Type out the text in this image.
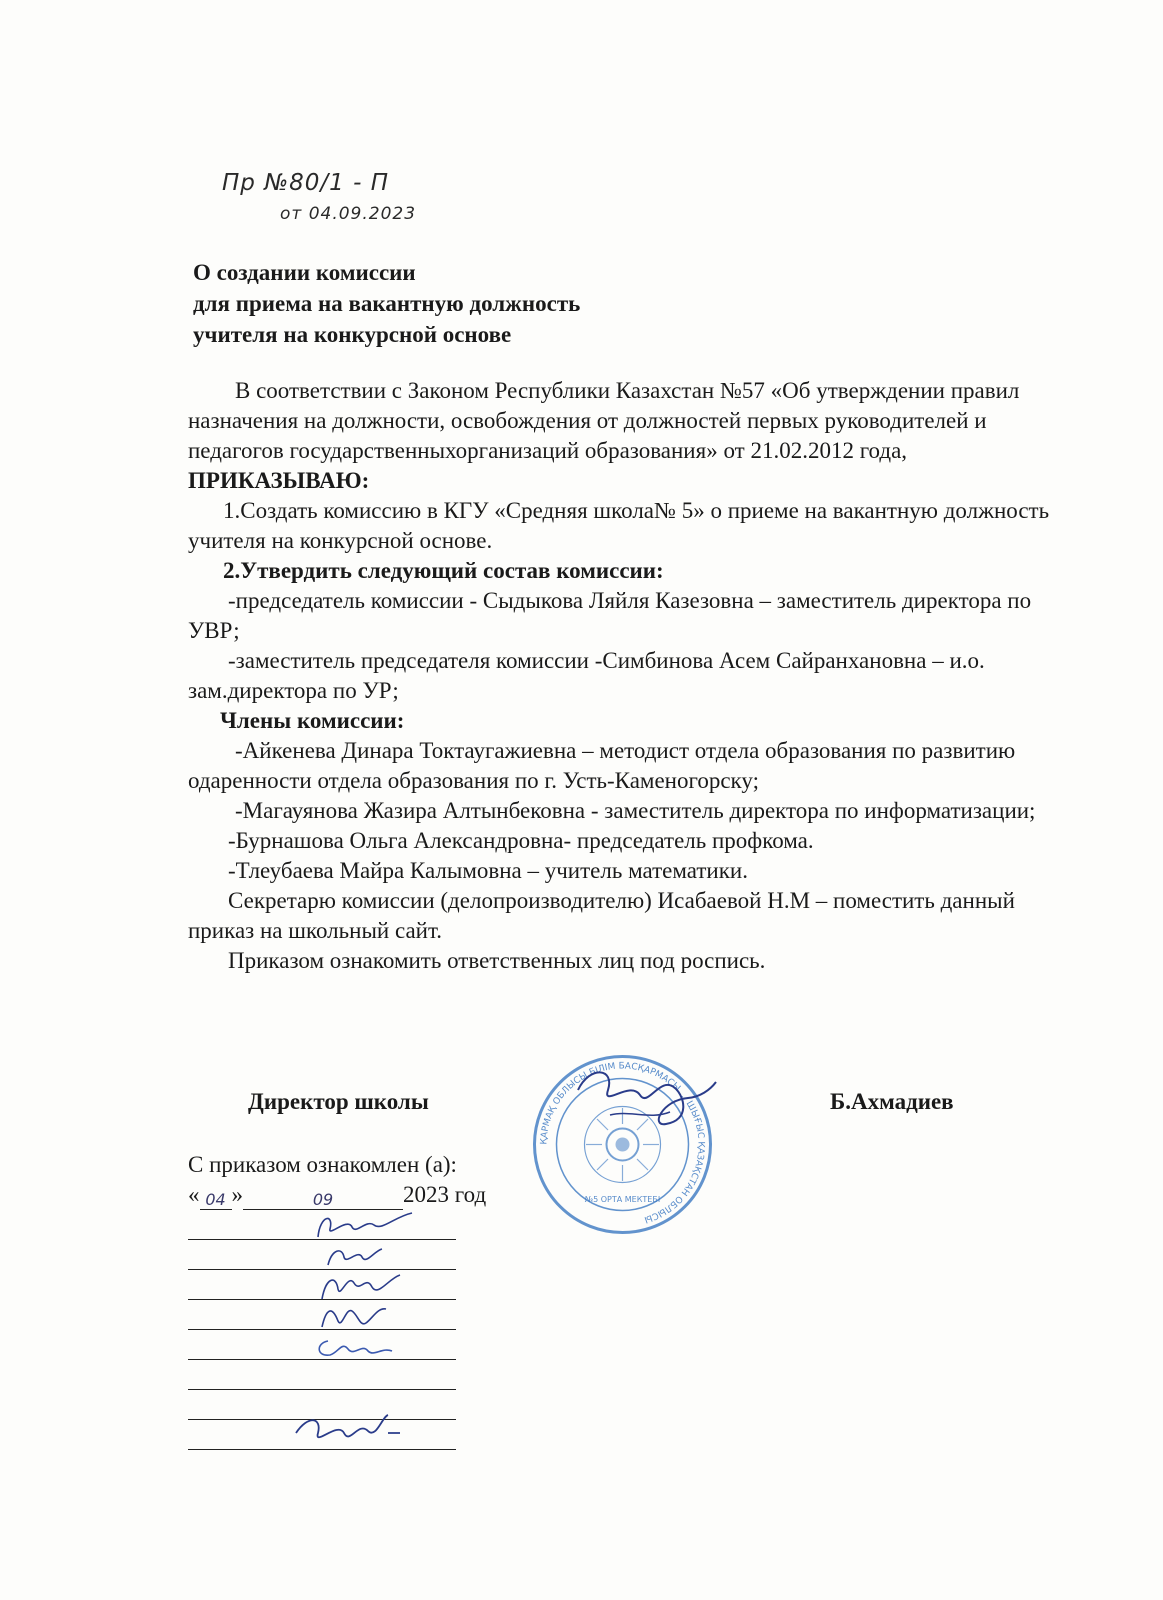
Пр №80/1 - П
от 04.09.2023
О создании комиссии
для приема на вакантную должность
учителя на конкурсной основе

В соответствии с Законом Республики Казахстан №57 «Об утверждении правил назначения на должности, освобождения от должностей первых руководителей и педагогов государственныхорганизаций образования» от 21.02.2012 года, ПРИКАЗЫВАЮ:

1.Создать комиссию в КГУ «Средняя школа№ 5» о приеме на вакантную должность учителя на конкурсной основе.

2.Утвердить следующий состав комиссии:

-председатель комиссии - Сыдыкова Ляйля Казезовна – заместитель директора по УВР;

-заместитель председателя комиссии -Симбинова Асем Сайранхановна – и.о. зам.директора по УР;

Члены комиссии:

-Айкенева Динара Токтаугажиевна – методист отдела образования по развитию одаренности отдела образования по г. Усть-Каменогорску;

-Магауянова Жазира Алтынбековна - заместитель директора по информатизации;

-Бурнашова Ольга Александровна- председатель профкома.

-Тлеубаева Майра Калымовна – учитель математики.

Секретарю комиссии (делопроизводителю) Исабаевой Н.М – поместить данный приказ на школьный сайт.

Приказом ознакомить ответственных лиц под роспись.

Директор школы	Б.Ахмадиев
ҚАРМАҚ ОБЛЫСЫ БІЛІМ БАСҚАРМАСЫ ... ШЫҒЫС ҚАЗАҚСТАН ОБЛЫСЫ
№5 ОРТА МЕКТЕБІ
С приказом ознакомлен (а):
« 04 »	09	2023 год
